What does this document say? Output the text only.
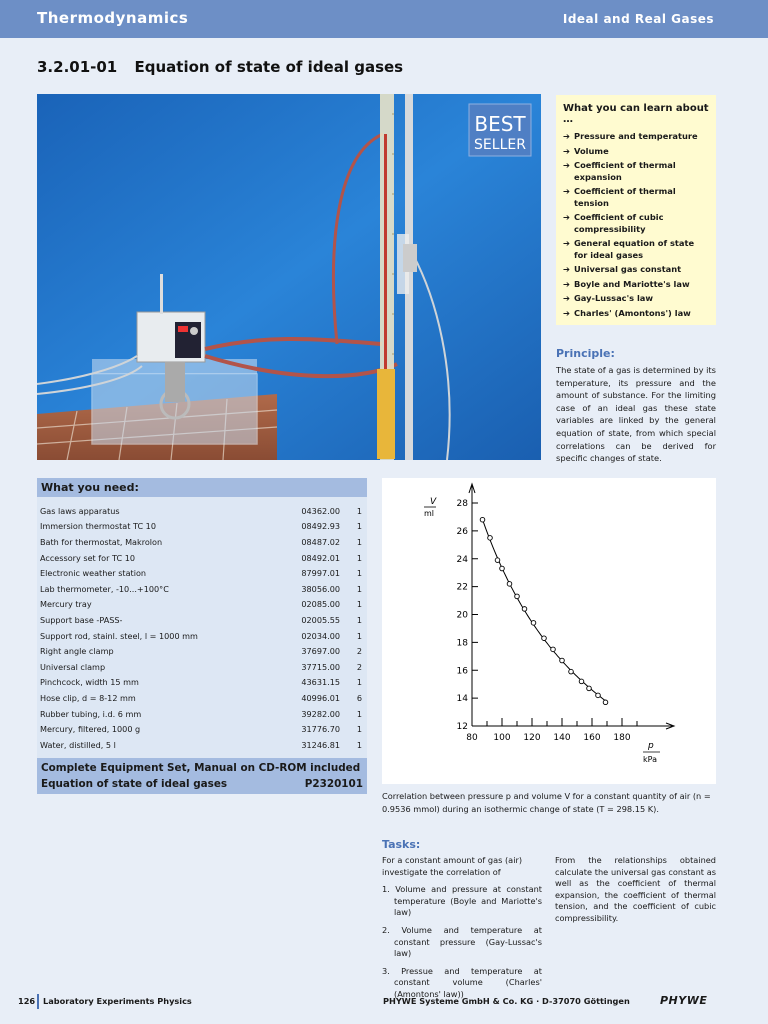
Thermodynamics	Ideal and Real Gases
3.2.01-01 Equation of state of ideal gases
BEST
SELLER
What you can learn about …
➔ Pressure and temperature
➔ Volume
➔ Coefficient of thermal expansion
➔ Coefficient of thermal tension
➔ Coefficient of cubic compressibility
➔ General equation of state for ideal gases
➔ Universal gas constant
➔ Boyle and Mariotte's law
➔ Gay-Lussac's law
➔ Charles' (Amontons') law
Principle:
The state of a gas is determined by its temperature, its pressure and the amount of substance. For the limiting case of an ideal gas these state variables are linked by the general equation of state, from which special correlations can be derived for specific changes of state.
What you need:
Gas laws apparatus	04362.00	1
Immersion thermostat TC 10	08492.93	1
Bath for thermostat, Makrolon	08487.02	1
Accessory set for TC 10	08492.01	1
Electronic weather station	87997.01	1
Lab thermometer, -10...+100°C	38056.00	1
Mercury tray	02085.00	1
Support base -PASS-	02005.55	1
Support rod, stainl. steel, l = 1000 mm	02034.00	1
Right angle clamp	37697.00	2
Universal clamp	37715.00	2
Pinchcock, width 15 mm	43631.15	1
Hose clip, d = 8-12 mm	40996.01	6
Rubber tubing, i.d. 6 mm	39282.00	1
Mercury, filtered, 1000 g	31776.70	1
Water, distilled, 5 l	31246.81	1
Complete Equipment Set, Manual on CD-ROM included
Equation of state of ideal gases	P2320101
12
14
16
18
20
22
24
26
28
80 100 120 140 160 180
V
ml
p
kPa
Correlation between pressure p and volume V for a constant quantity of air (n = 0.9536 mmol) during an isothermic change of state (T = 298.15 K).
Tasks:
For a constant amount of gas (air) investigate the correlation of
1. Volume and pressure at constant temperature (Boyle and Mariotte's law)
2. Volume and temperature at constant pressure (Gay-Lussac's law)
3. Pressue and temperature at constant volume (Charles' (Amontons' law))
From the relationships obtained calculate the universal gas constant as well as the coefficient of thermal expansion, the coefficient of thermal tension, and the coefficient of cubic compressibility.
126 Laboratory Experiments Physics	PHYWE Systeme GmbH & Co. KG · D-37070 Göttingen	PHYWE
